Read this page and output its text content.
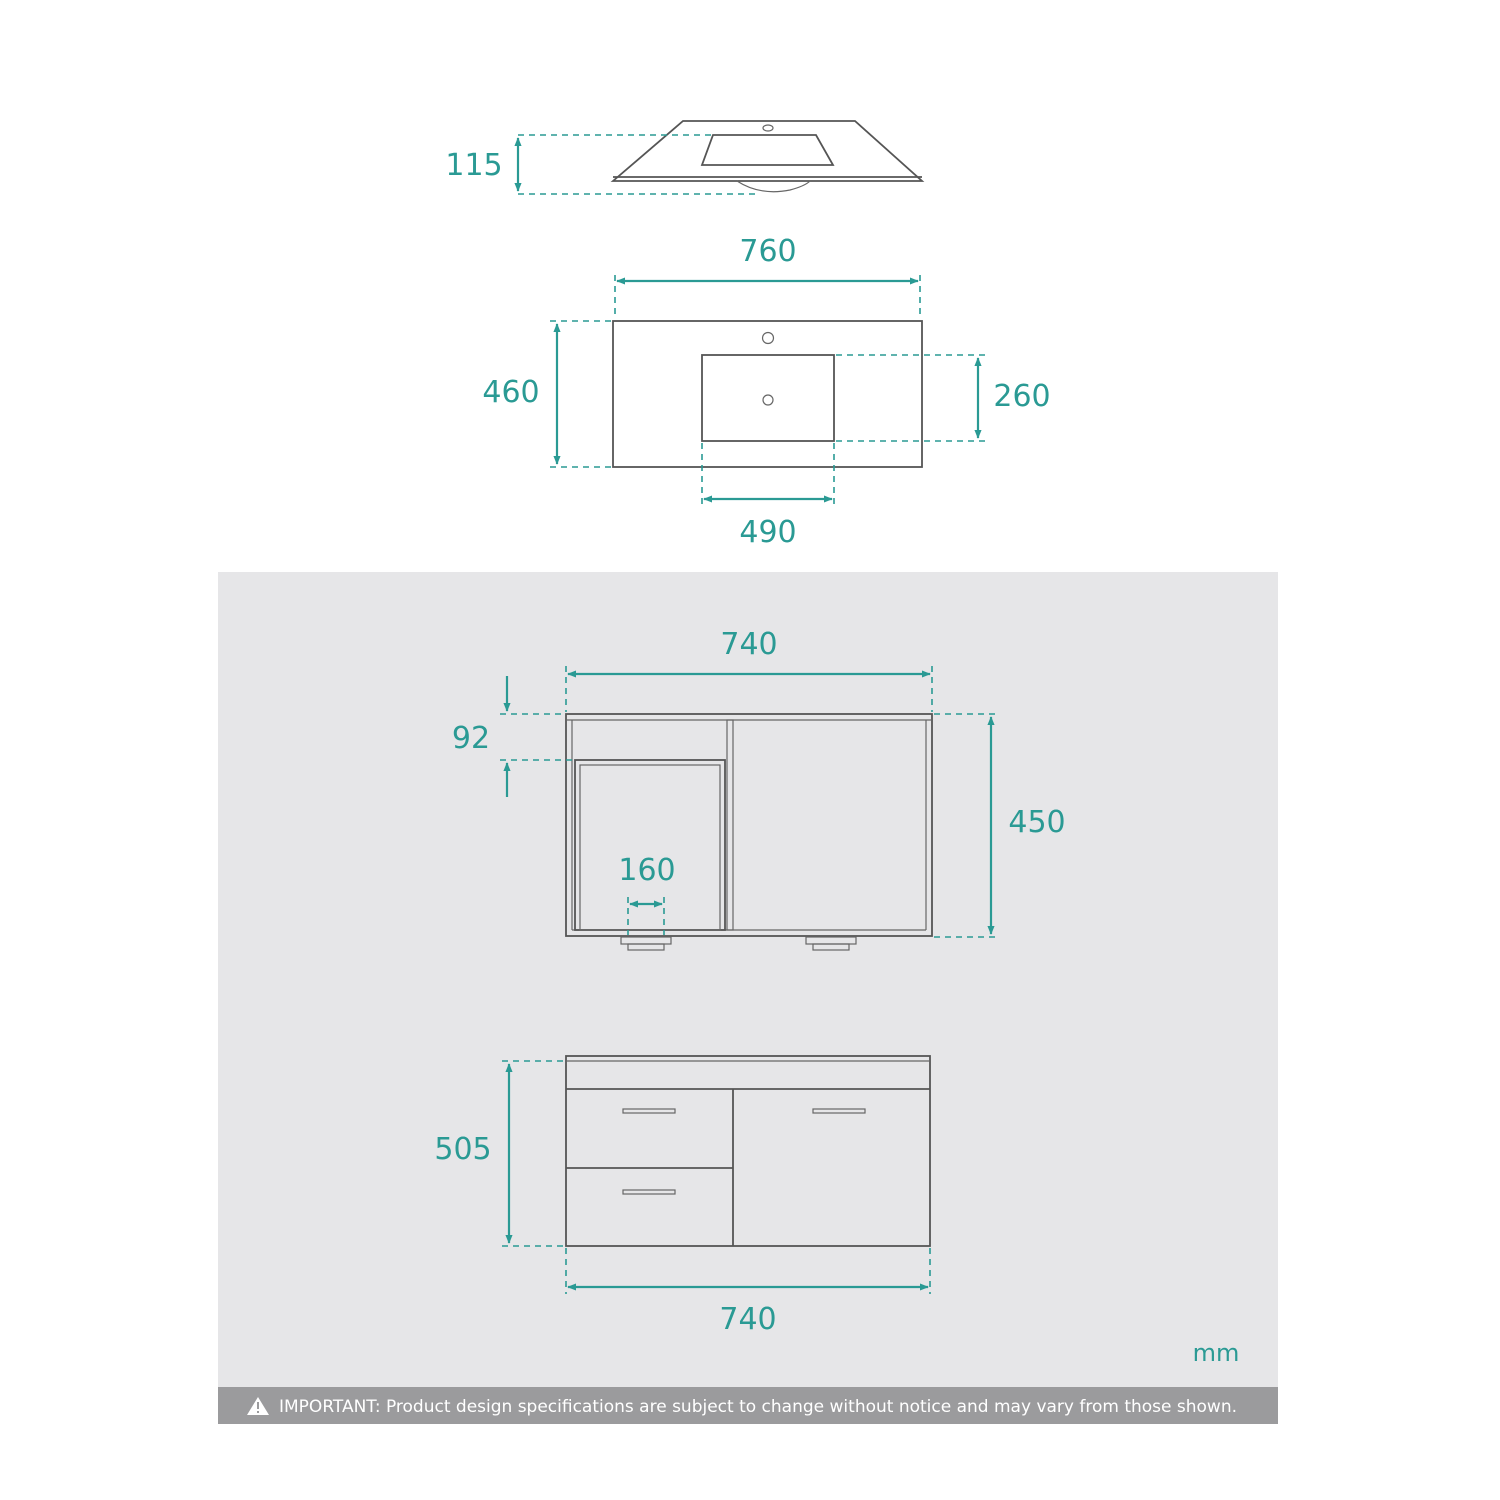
115
760
460	260
490
740
92
450
160
505
740
mm
IMPORTANT: Product design specifications are subject to change without notice and may vary from those shown.
